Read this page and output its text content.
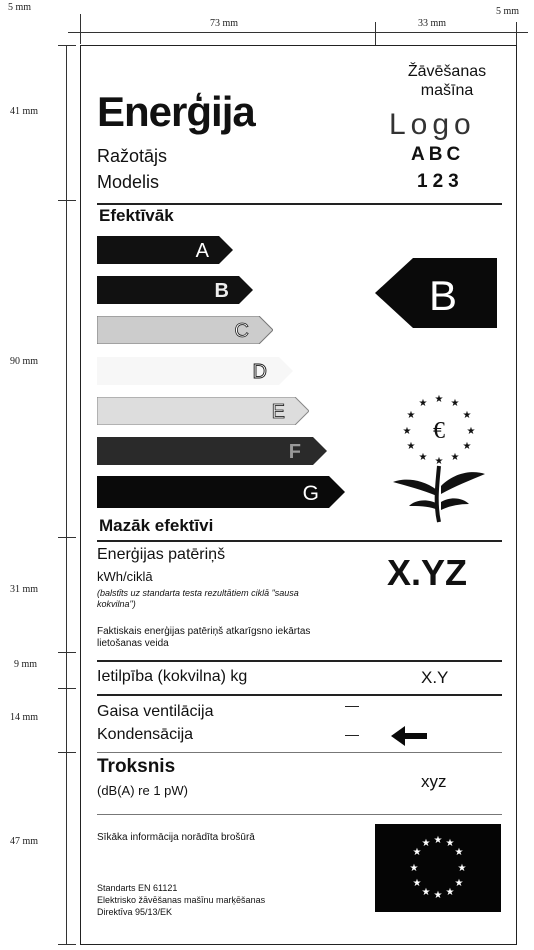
5 mm
73 mm	33 mm
5 mm
41 mm
90 mm
31 mm
9 mm
14 mm
47 mm
Enerģija
Žāvēšanas mašīna
Logo
Ražotājs	ABC
Modelis	123
Efektīvāk
A
B
C
D
E
F
G
B
★ ★
★
★
★
★
★
★
★
★
★
★
€
Mazāk efektīvi
Enerģijas patēriņš
kWh/ciklā
(balstīts uz standarta testa rezultātiem ciklā "sausa kokvilna")
Faktiskais enerģijas patēriņš atkarīgsno iekārtas lietošanas veida
X.YZ
Ietilpība (kokvilna) kg	X.Y
Gaisa ventilācija	—
Kondensācija	—
Troksnis
(dB(A) re 1 pW)	xyz
Sīkāka informācija norādīta brošūrā
Standarts EN 61121
Elektrisko žāvēšanas mašīnu marķēšanas
Direktīva 95/13/EK
★ ★
★
★
★
★
★
★
★
★
★
★
